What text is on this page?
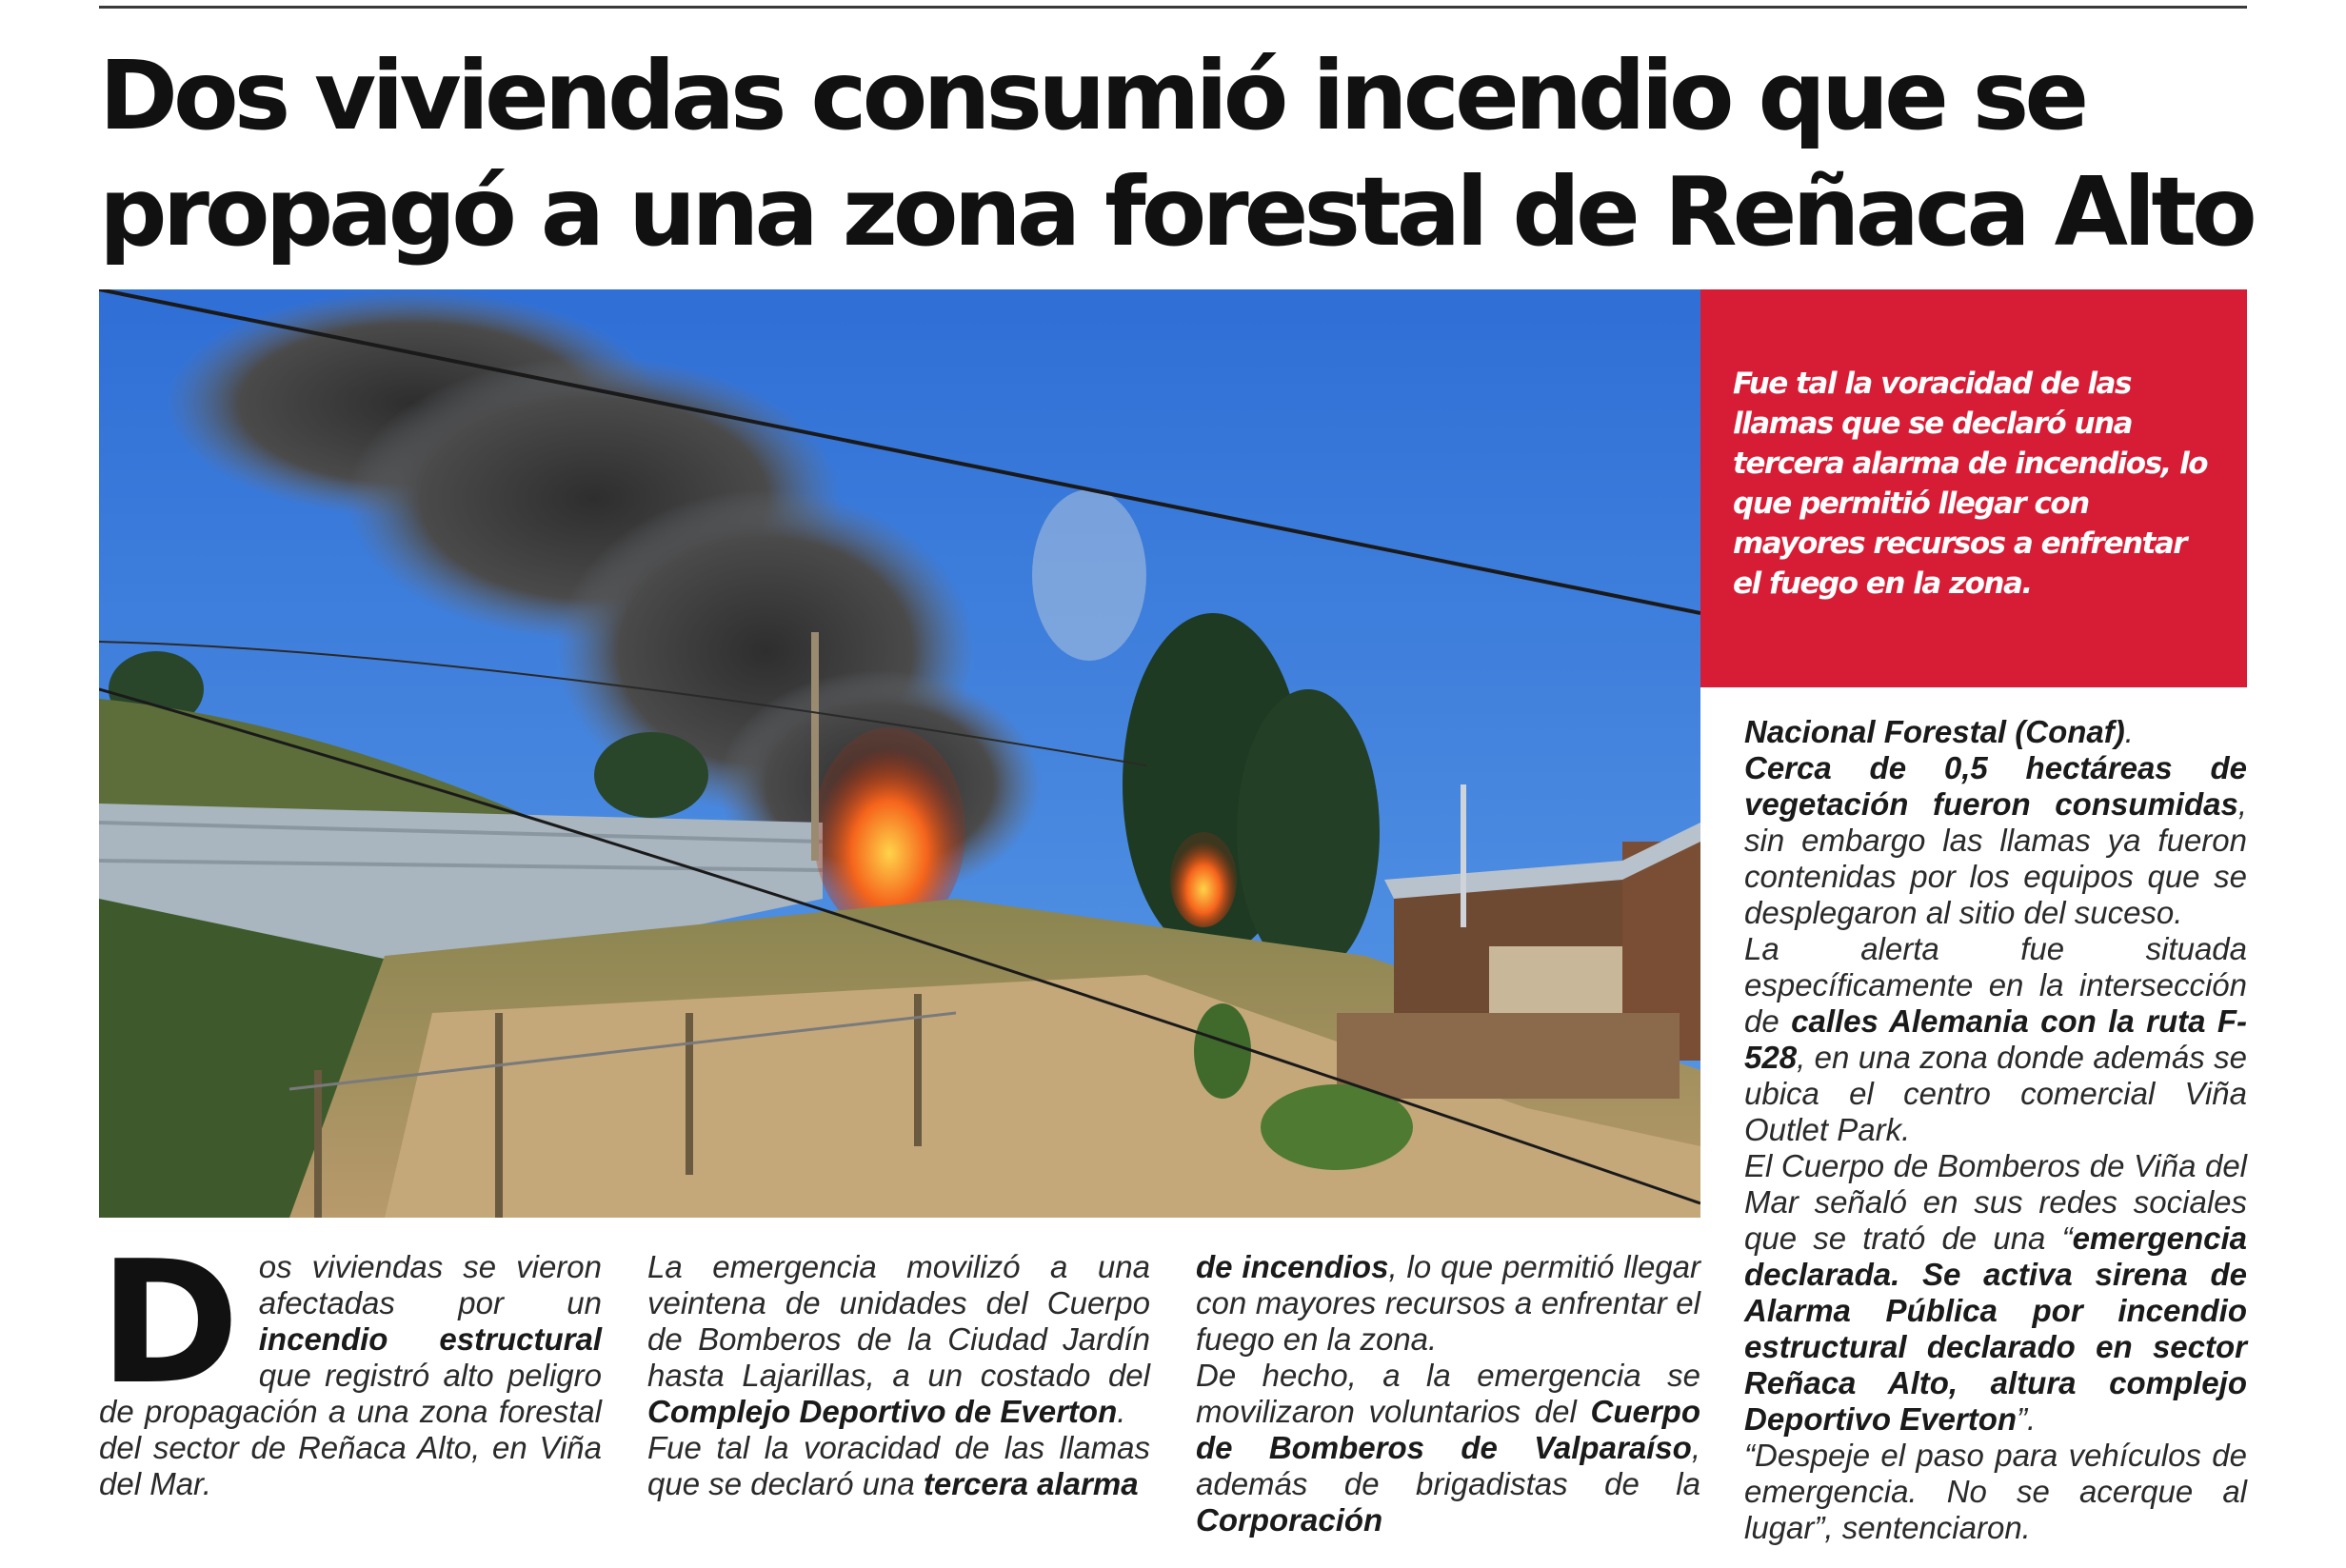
Dos viviendas consumió incendio que se
propagó a una zona forestal de Reñaca Alto

Fue tal la voracidad de las llamas que se declaró una tercera alarma de incendios, lo que permitió llegar con mayores recursos a enfrentar el fuego en la zona.

Dos viviendas se vieron afectadas por un incendio estructural que registró alto peligro de propagación a una zona forestal del sector de Reñaca Alto, en Viña del Mar.

La emergencia movilizó a una veintena de unidades del Cuerpo de Bomberos de la Ciudad Jardín hasta Lajarillas, a un costado del Complejo Deportivo de Everton.

Fue tal la voracidad de las llamas que se declaró una tercera alarma

de incendios, lo que permitió llegar con mayores recursos a enfrentar el fuego en la zona.

De hecho, a la emergencia se movilizaron voluntarios del Cuerpo de Bomberos de Valparaíso, además de brigadistas de la Corporación

Nacional Forestal (Conaf).

Cerca de 0,5 hectáreas de vegetación fueron consumidas, sin embargo las llamas ya fueron contenidas por los equipos que se desplegaron al sitio del suceso.

La alerta fue situada específicamente en la intersección de calles Alemania con la ruta F-528, en una zona donde además se ubica el centro comercial Viña Outlet Park.

El Cuerpo de Bomberos de Viña del Mar señaló en sus redes sociales que se trató de una “emergencia declarada. Se activa sirena de Alarma Pública por incendio estructural declarado en sector Reñaca Alto, altura complejo Deportivo Everton”.

“Despeje el paso para vehículos de emergencia. No se acerque al lugar”, sentenciaron.
